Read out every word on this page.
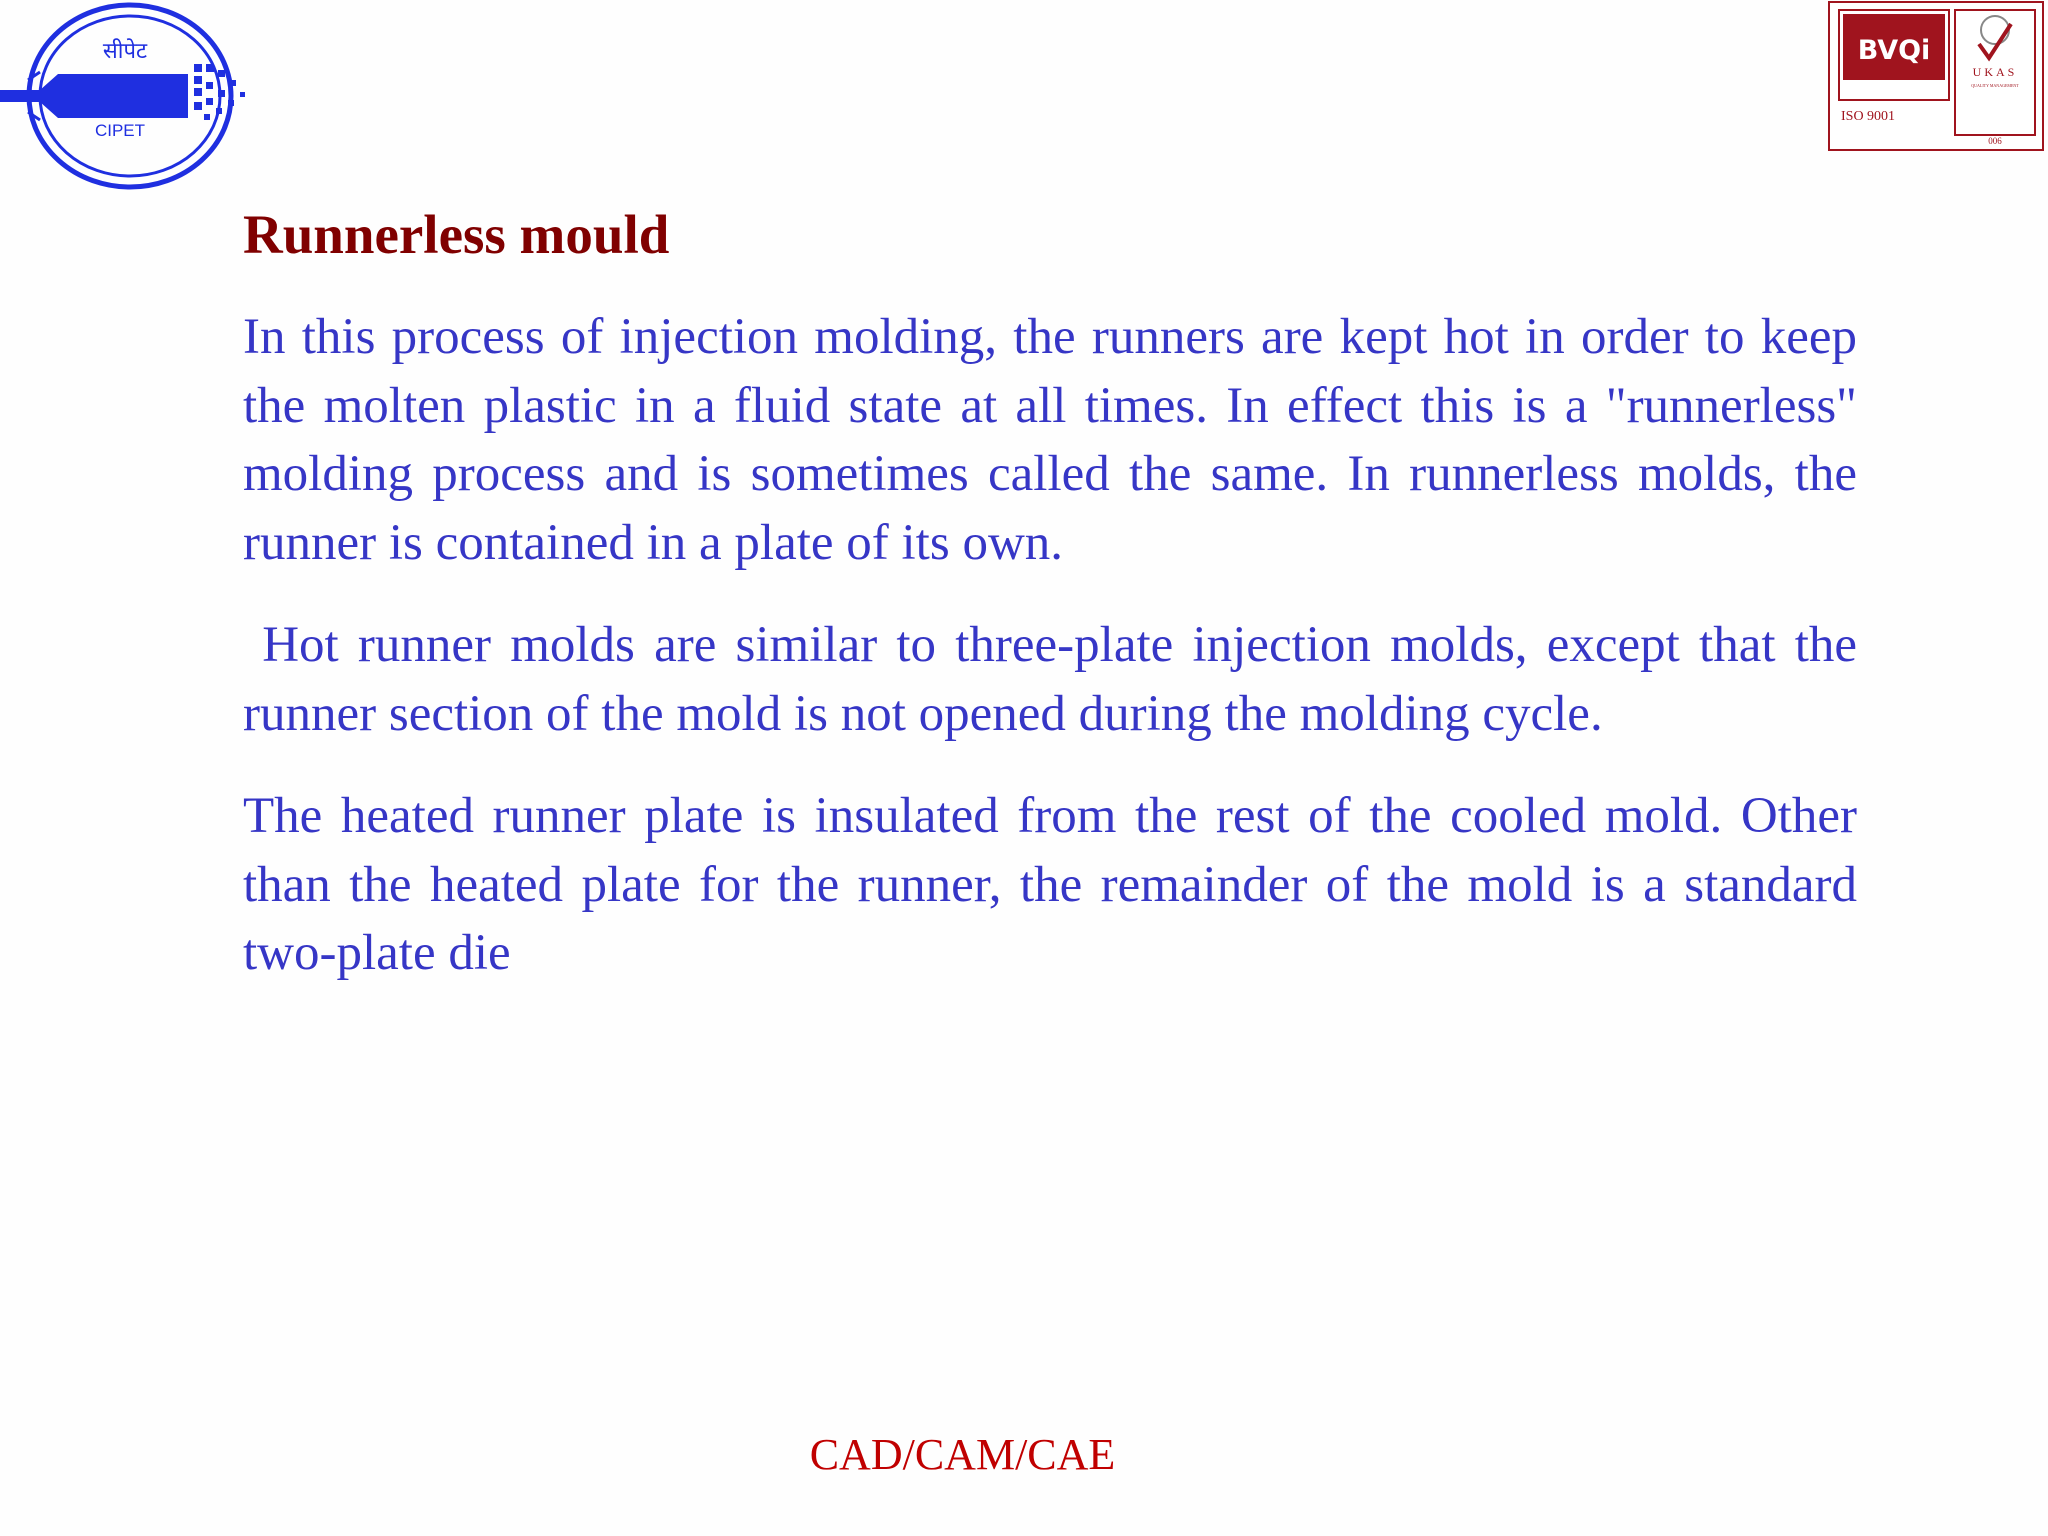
सीपेट
CIPET
BVQi
ISO 9001
UKAS
QUALITY MANAGEMENT
006
Runnerless mould

In this process of injection molding, the runners are kept hot in order to keep the molten plastic in a fluid state at all times. In effect this is a "runnerless" molding process and is sometimes called the same. In runnerless molds, the runner is contained in a plate of its own.

Hot runner molds are similar to three-plate injection molds, except that the runner section of the mold is not opened during the molding cycle.

The heated runner plate is insulated from the rest of the cooled mold. Other than the heated plate for the runner, the remainder of the mold is a standard two-plate die

CAD/CAM/CAE
